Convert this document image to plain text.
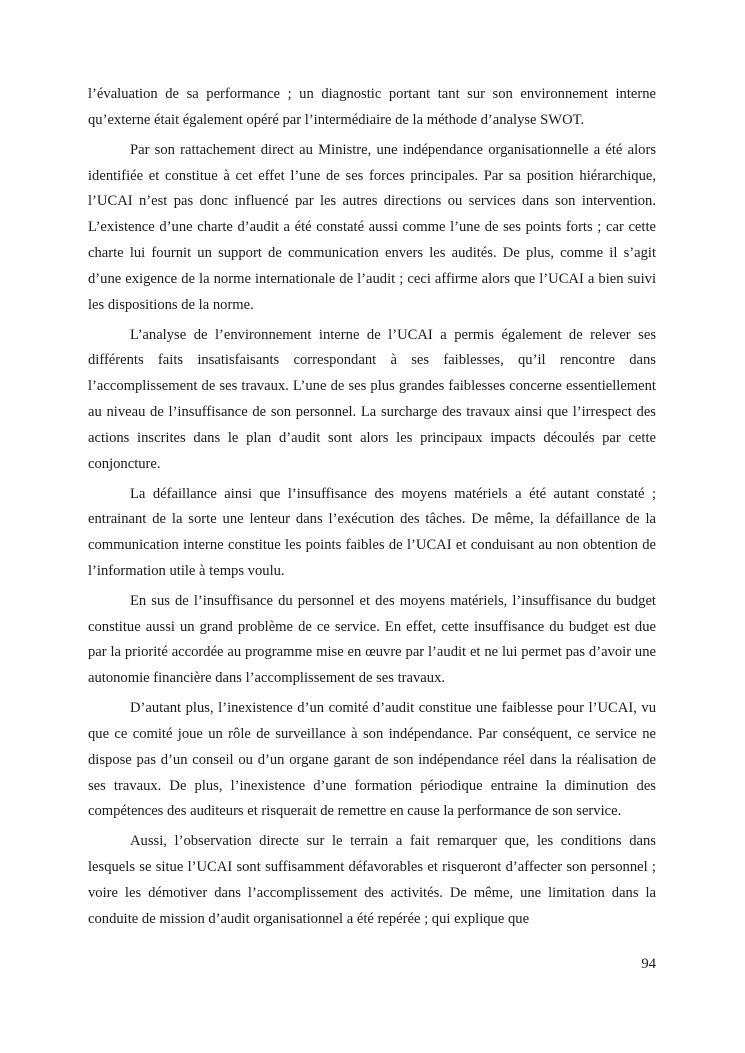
l’évaluation de sa performance ; un diagnostic portant tant sur son environnement interne qu’externe était également opéré par l’intermédiaire de la méthode d’analyse SWOT.

Par son rattachement direct au Ministre, une indépendance organisationnelle a été alors identifiée et constitue à cet effet l’une de ses forces principales. Par sa position hiérarchique, l’UCAI n’est pas donc influencé par les autres directions ou services dans son intervention. L’existence d’une charte d’audit a été constaté aussi comme l’une de ses points forts ; car cette charte lui fournit un support de communication envers les audités. De plus, comme il s’agit d’une exigence de la norme internationale de l’audit ; ceci affirme alors que l’UCAI a bien suivi les dispositions de la norme.

L’analyse de l’environnement interne de l’UCAI a permis également de relever ses différents faits insatisfaisants correspondant à ses faiblesses, qu’il rencontre dans l’accomplissement de ses travaux. L’une de ses plus grandes faiblesses concerne essentiellement au niveau de l’insuffisance de son personnel. La surcharge des travaux ainsi que l’irrespect des actions inscrites dans le plan d’audit sont alors les principaux impacts découlés par cette conjoncture.

La défaillance ainsi que l’insuffisance des moyens matériels a été autant constaté ; entrainant de la sorte une lenteur dans l’exécution des tâches. De même, la défaillance de la communication interne constitue les points faibles de l’UCAI et conduisant au non obtention de l’information utile à temps voulu.

En sus de l’insuffisance du personnel et des moyens matériels, l’insuffisance du budget constitue aussi un grand problème de ce service. En effet, cette insuffisance du budget est due par la priorité accordée au programme mise en œuvre par l’audit et ne lui permet pas d’avoir une autonomie financière dans l’accomplissement de ses travaux.

D’autant plus, l’inexistence d’un comité d’audit constitue une faiblesse pour l’UCAI, vu que ce comité joue un rôle de surveillance à son indépendance. Par conséquent, ce service ne dispose pas d’un conseil ou d’un organe garant de son indépendance réel dans la réalisation de ses travaux. De plus, l’inexistence d’une formation périodique entraine la diminution des compétences des auditeurs et risquerait de remettre en cause la performance de son service.

Aussi, l’observation directe sur le terrain a fait remarquer que, les conditions dans lesquels se situe l’UCAI sont suffisamment défavorables et risqueront d’affecter son personnel ; voire les démotiver dans l’accomplissement des activités. De même, une limitation dans la conduite de mission d’audit organisationnel a été repérée ; qui explique que

94
